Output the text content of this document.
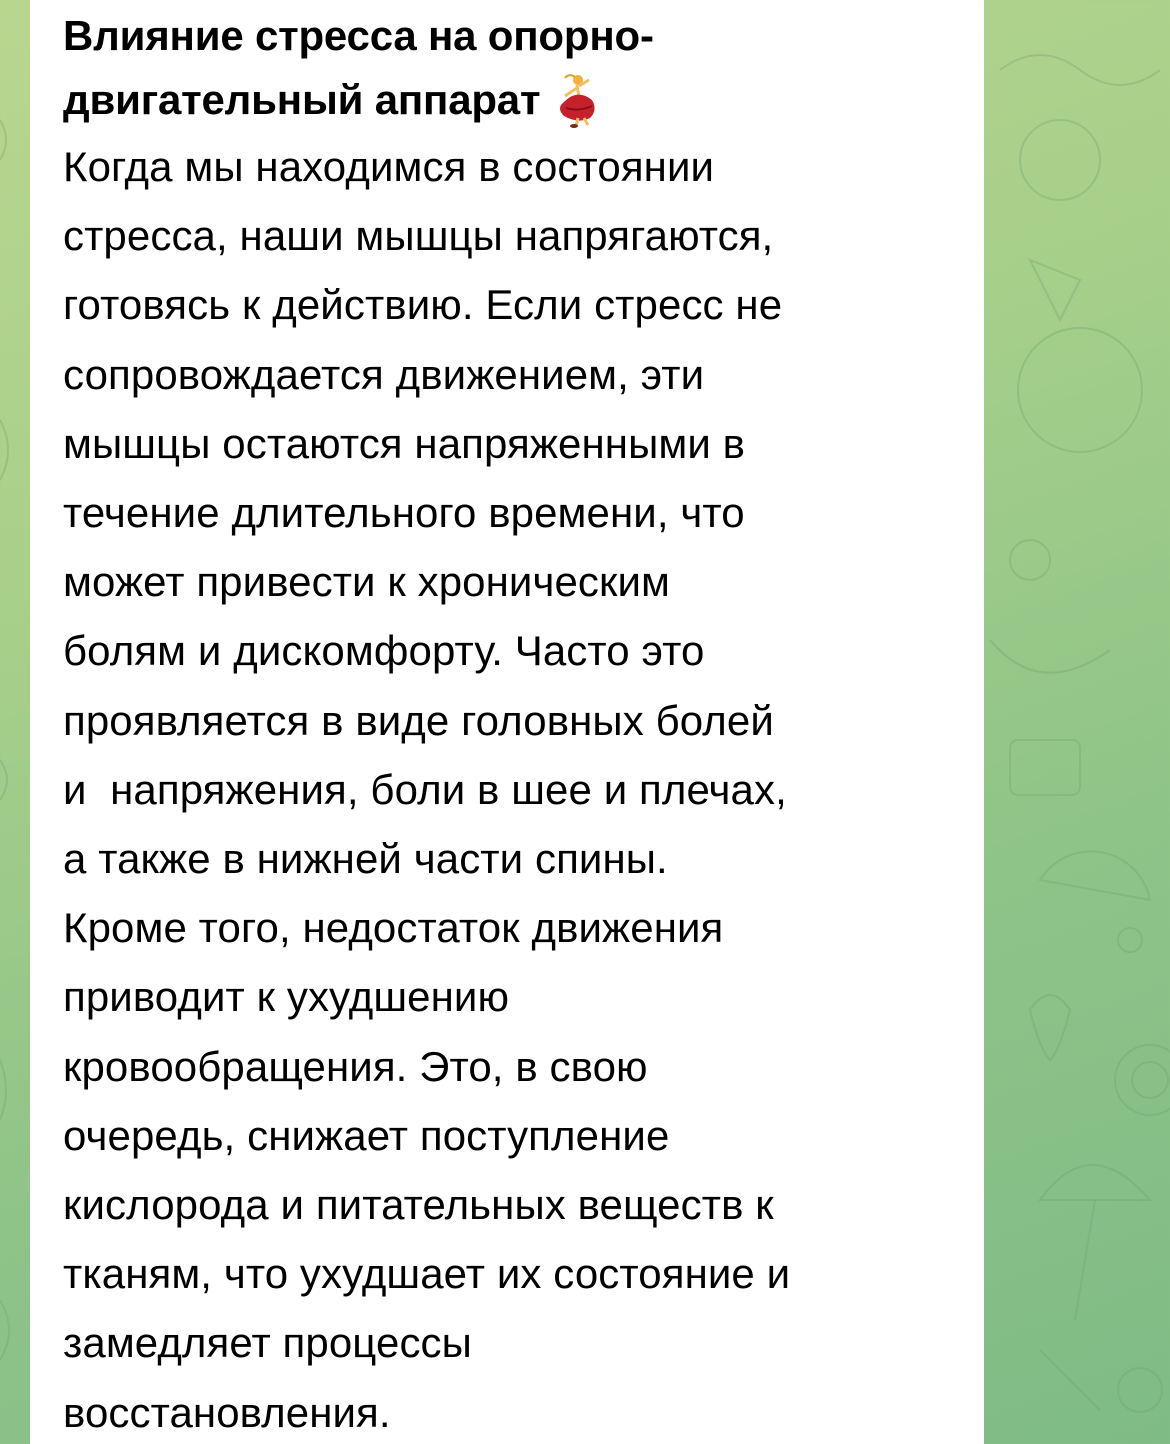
Влияние стресса на опорно-
двигательный аппарат

Когда мы находимся в состоянии
стресса, наши мышцы напрягаются,
готовясь к действию. Если стресс не
сопровождается движением, эти
мышцы остаются напряженными в
течение длительного времени, что
может привести к хроническим
болям и дискомфорту. Часто это
проявляется в виде головных болей
и  напряжения, боли в шее и плечах,
а также в нижней части спины.
Кроме того, недостаток движения
приводит к ухудшению
кровообращения. Это, в свою
очередь, снижает поступление
кислорода и питательных веществ к
тканям, что ухудшает их состояние и
замедляет процессы
восстановления.
